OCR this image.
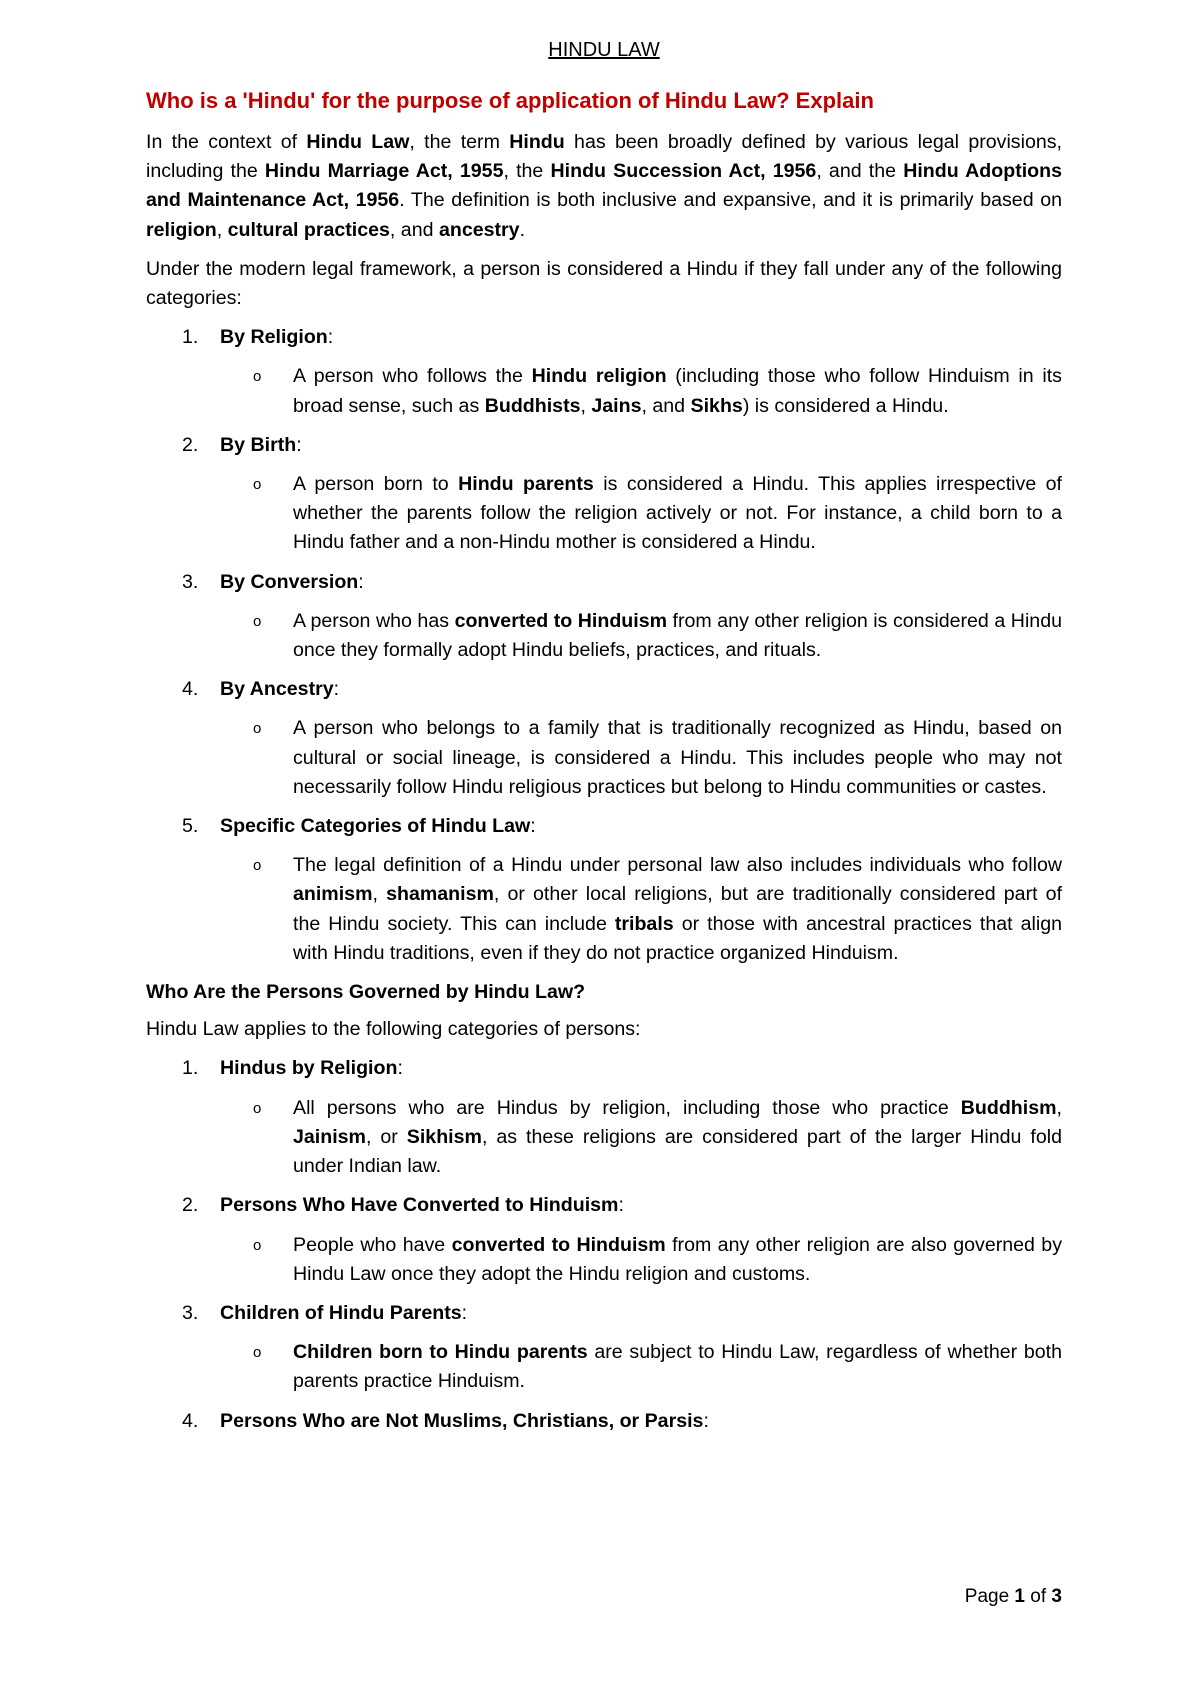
HINDU LAW
Who is a 'Hindu' for the purpose of application of Hindu Law? Explain

In the context of Hindu Law, the term Hindu has been broadly defined by various legal provisions, including the Hindu Marriage Act, 1955, the Hindu Succession Act, 1956, and the Hindu Adoptions and Maintenance Act, 1956. The definition is both inclusive and expansive, and it is primarily based on religion, cultural practices, and ancestry.

Under the modern legal framework, a person is considered a Hindu if they fall under any of the following categories:

1.	By Religion:
o A person who follows the Hindu religion (including those who follow Hinduism in its broad sense, such as Buddhists, Jains, and Sikhs) is considered a Hindu.
2.	By Birth:
o A person born to Hindu parents is considered a Hindu. This applies irrespective of whether the parents follow the religion actively or not. For instance, a child born to a Hindu father and a non-Hindu mother is considered a Hindu.
3.	By Conversion:
o A person who has converted to Hinduism from any other religion is considered a Hindu once they formally adopt Hindu beliefs, practices, and rituals.
4.	By Ancestry:
o A person who belongs to a family that is traditionally recognized as Hindu, based on cultural or social lineage, is considered a Hindu. This includes people who may not necessarily follow Hindu religious practices but belong to Hindu communities or castes.
5.	Specific Categories of Hindu Law:
o The legal definition of a Hindu under personal law also includes individuals who follow animism, shamanism, or other local religions, but are traditionally considered part of the Hindu society. This can include tribals or those with ancestral practices that align with Hindu traditions, even if they do not practice organized Hinduism.
Who Are the Persons Governed by Hindu Law?

Hindu Law applies to the following categories of persons:

1.	Hindus by Religion:
o All persons who are Hindus by religion, including those who practice Buddhism, Jainism, or Sikhism, as these religions are considered part of the larger Hindu fold under Indian law.
2.	Persons Who Have Converted to Hinduism:
o People who have converted to Hinduism from any other religion are also governed by Hindu Law once they adopt the Hindu religion and customs.
3.	Children of Hindu Parents:
o Children born to Hindu parents are subject to Hindu Law, regardless of whether both parents practice Hinduism.
4.	Persons Who are Not Muslims, Christians, or Parsis:
Page 1 of 3
